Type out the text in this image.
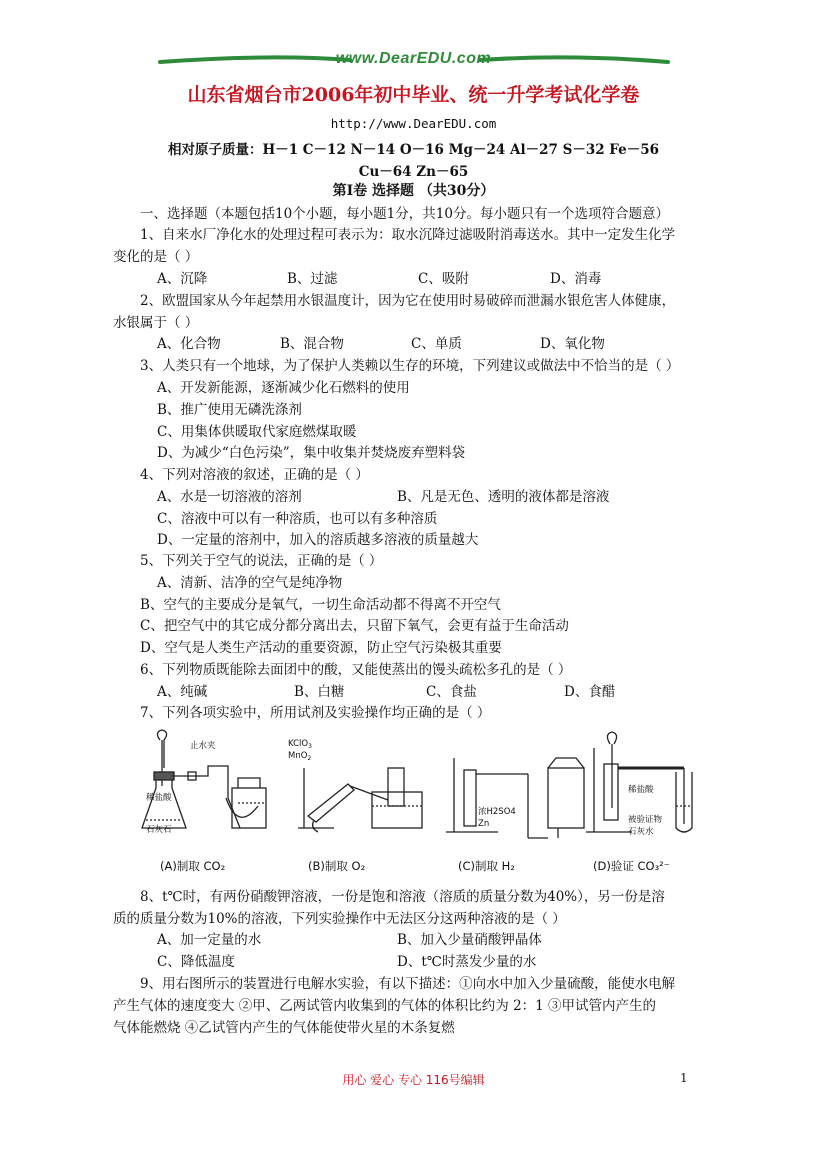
www.DearEDU.com
山东省烟台市2006年初中毕业、统一升学考试化学卷
http://www.DearEDU.com
相对原子质量：H－1 C－12 N－14 O－16 Mg－24 Al－27 S－32 Fe－56
Cu－64 Zn－65
第Ⅰ卷 选择题 （共30分）
一、选择题（本题包括10个小题，每小题1分，共10分。每小题只有一个选项符合题意）
1、自来水厂净化水的处理过程可表示为：取水沉降过滤吸附消毒送水。其中一定发生化学
变化的是（ ）
A、沉降	B、过滤	C、吸附	D、消毒
2、欧盟国家从今年起禁用水银温度计，因为它在使用时易破碎而泄漏水银危害人体健康，
水银属于（ ）
A、化合物	B、混合物	C、单质	D、氧化物
3、人类只有一个地球，为了保护人类赖以生存的环境，下列建议或做法中不恰当的是（ ）
A、开发新能源，逐渐减少化石燃料的使用
B、推广使用无磷洗涤剂
C、用集体供暖取代家庭燃煤取暖
D、为减少“白色污染”，集中收集并焚烧废弃塑料袋
4、下列对溶液的叙述，正确的是（ ）
A、水是一切溶液的溶剂	B、凡是无色、透明的液体都是溶液
C、溶液中可以有一种溶质，也可以有多种溶质
D、一定量的溶剂中，加入的溶质越多溶液的质量越大
5、下列关于空气的说法，正确的是（ ）
A、清新、洁净的空气是纯净物
B、空气的主要成分是氧气，一切生命活动都不得离不开空气
C、把空气中的其它成分都分离出去，只留下氧气，会更有益于生命活动
D、空气是人类生产活动的重要资源，防止空气污染极其重要
6、下列物质既能除去面团中的酸，又能使蒸出的馒头疏松多孔的是（ ）
A、纯碱	B、白糖	C、食盐	D、食醋
7、下列各项实验中，所用试剂及实验操作均正确的是（ ）
止水夹
稀盐酸
石灰石
KClO$_3$
MnO$_2$
浓H2SO4
Zn
稀盐酸
被验证物
石灰水
(A)制取 CO₂	(B)制取 O₂	(C)制取 H₂	(D)验证 CO₃²⁻
8、t℃时，有两份硝酸钾溶液，一份是饱和溶液（溶质的质量分数为40%），另一份是溶
质的质量分数为10%的溶液，下列实验操作中无法区分这两种溶液的是（ ）
A、加一定量的水	B、加入少量硝酸钾晶体
C、降低温度	D、t℃时蒸发少量的水
9、用右图所示的装置进行电解水实验，有以下描述：①向水中加入少量硫酸，能使水电解
产生气体的速度变大 ②甲、乙两试管内收集到的气体的体积比约为 2：1 ③甲试管内产生的
气体能燃烧 ④乙试管内产生的气体能使带火星的木条复燃
用心 爱心 专心 116号编辑	1
